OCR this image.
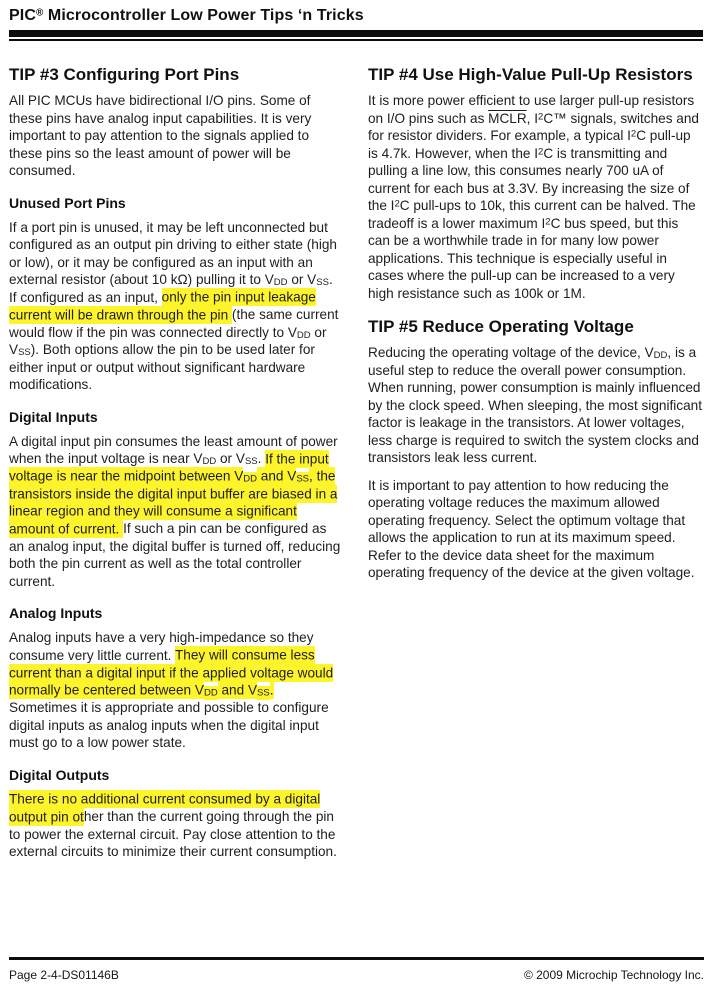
PIC® Microcontroller Low Power Tips ‘n Tricks
TIP #3 Configuring Port Pins

All PIC MCUs have bidirectional I/O pins. Some of these pins have analog input capabilities. It is very important to pay attention to the signals applied to these pins so the least amount of power will be consumed.

Unused Port Pins

If a port pin is unused, it may be left unconnected but configured as an output pin driving to either state (high or low), or it may be configured as an input with an external resistor (about 10 kΩ) pulling it to $V_{DD}$ or $V_{SS}$. If configured as an input, only the pin input leakage current will be drawn through the pin (the same current would flow if the pin was connected directly to $V_{DD}$ or $V_{SS}$). Both options allow the pin to be used later for either input or output without significant hardware modifications.

Digital Inputs

A digital input pin consumes the least amount of power when the input voltage is near $V_{DD}$ or $V_{SS}$. If the input voltage is near the midpoint between $V_{DD}$ and $V_{SS}$, the transistors inside the digital input buffer are biased in a linear region and they will consume a significant amount of current. If such a pin can be configured as an analog input, the digital buffer is turned off, reducing both the pin current as well as the total controller current.

Analog Inputs

Analog inputs have a very high-impedance so they consume very little current. They will consume less current than a digital input if the applied voltage would normally be centered between $V_{DD}$ and $V_{SS}$. Sometimes it is appropriate and possible to configure digital inputs as analog inputs when the digital input must go to a low power state.

Digital Outputs

There is no additional current consumed by a digital output pin other than the current going through the pin to power the external circuit. Pay close attention to the external circuits to minimize their current consumption.

TIP #4 Use High-Value Pull-Up Resistors

It is more power efficient to use larger pull-up resistors on I/O pins such as MCLR, $I^2C™$ signals, switches and for resistor dividers. For example, a typical $I^2C$ pull-up is 4.7k. However, when the $I^2C$ is transmitting and pulling a line low, this consumes nearly 700 uA of current for each bus at 3.3V. By increasing the size of the $I^2C$ pull-ups to 10k, this current can be halved. The tradeoff is a lower maximum $I^2C$ bus speed, but this can be a worthwhile trade in for many low power applications. This technique is especially useful in cases where the pull-up can be increased to a very high resistance such as 100k or 1M.

TIP #5 Reduce Operating Voltage

Reducing the operating voltage of the device, $V_{DD}$, is a useful step to reduce the overall power consumption. When running, power consumption is mainly influenced by the clock speed. When sleeping, the most significant factor is leakage in the transistors. At lower voltages, less charge is required to switch the system clocks and transistors leak less current.

It is important to pay attention to how reducing the operating voltage reduces the maximum allowed operating frequency. Select the optimum voltage that allows the application to run at its maximum speed. Refer to the device data sheet for the maximum operating frequency of the device at the given voltage.

Page 2-4-DS01146B	© 2009 Microchip Technology Inc.
